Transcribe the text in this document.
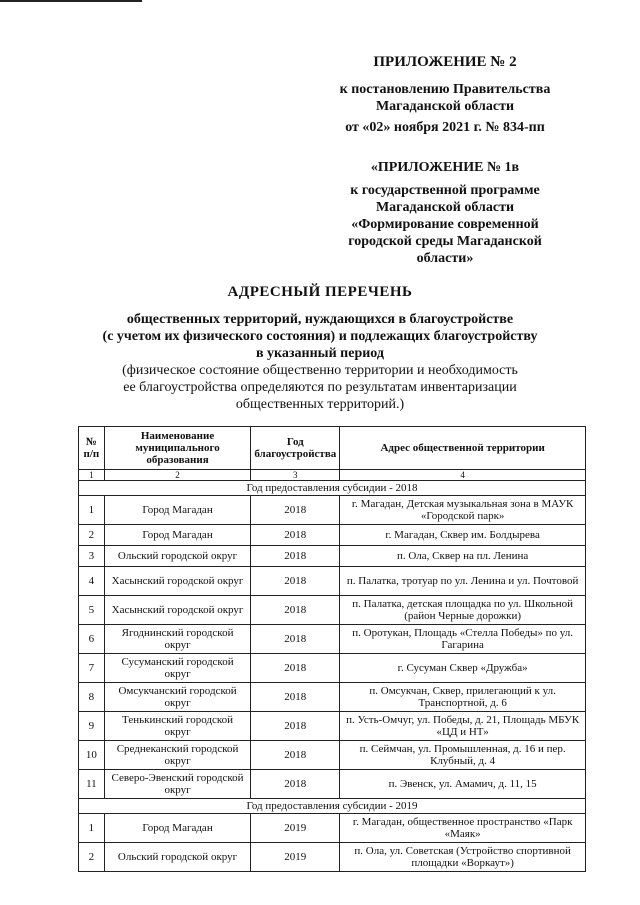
ПРИЛОЖЕНИЕ № 2
к постановлению Правительства
Магаданской области
от «02» ноября 2021 г. № 834-пп
«ПРИЛОЖЕНИЕ № 1в
к государственной программе
Магаданской области
«Формирование современной
городской среды Магаданской
области»
АДРЕСНЫЙ ПЕРЕЧЕНЬ
общественных территорий, нуждающихся в благоустройстве
(с учетом их физического состояния) и подлежащих благоустройству
в указанный период
(физическое состояние общественно территории и необходимость
ее благоустройства определяются по результатам инвентаризации
общественных территорий.)
№ п/п	Наименование муниципального образования	Год благоустройства	Адрес общественной территории
1	2	3	4
Год предоставления субсидии - 2018			
1	Город Магадан	2018	г. Магадан, Детская музыкальная зона в МАУК «Городской парк»
2	Город Магадан	2018	г. Магадан, Сквер им. Болдырева
3	Ольский городской округ	2018	п. Ола, Сквер на пл. Ленина
4	Хасынский городской округ	2018	п. Палатка, тротуар по ул. Ленина и ул. Почтовой
5	Хасынский городской округ	2018	п. Палатка, детская площадка по ул. Школьной (район Черные дорожки)
6	Ягоднинский городской округ	2018	п. Оротукан, Площадь «Стелла Победы» по ул. Гагарина
7	Сусуманский городской округ	2018	г. Сусуман Сквер «Дружба»
8	Омсукчанский городской округ	2018	п. Омсукчан, Сквер, прилегающий к ул. Транспортной, д. 6
9	Тенькинский городской округ	2018	п. Усть-Омчуг, ул. Победы, д. 21, Площадь МБУК «ЦД и НТ»
10	Среднеканский городской округ	2018	п. Сеймчан, ул. Промышленная, д. 16 и пер. Клубный, д. 4
11	Северо-Эвенский городской округ	2018	п. Эвенск, ул. Амамич, д. 11, 15
Год предоставления субсидии - 2019			
1	Город Магадан	2019	г. Магадан, общественное пространство «Парк «Маяк»
2	Ольский городской округ	2019	п. Ола, ул. Советская (Устройство спортивной площадки «Воркаут»)
